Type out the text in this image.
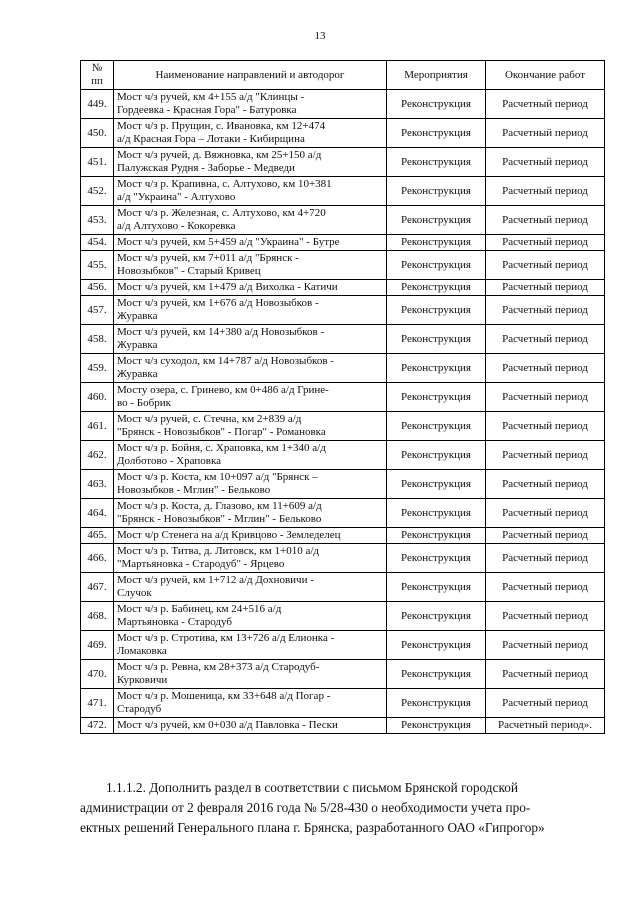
13
№
пп	Наименование направлений и автодорог	Мероприятия	Окончание работ
449.	Мост ч/з ручей, км 4+155 а/д "Клинцы -
Гордеевка - Красная Гора" - Батуровка	Реконструкция	Расчетный период
450.	Мост ч/з р. Прущин, с. Ивановка, км 12+474
а/д Красная Гора – Лотаки - Кибирщина	Реконструкция	Расчетный период
451.	Мост ч/з ручей, д. Вяжновка, км 25+150 а/д
Палужская Рудня - Заборье - Медведи	Реконструкция	Расчетный период
452.	Мост ч/з р. Крапивна, с. Алтухово, км 10+381
а/д "Украина" - Алтухово	Реконструкция	Расчетный период
453.	Мост ч/з р. Железная, с. Алтухово, км 4+720
а/д Алтухово - Кокоревка	Реконструкция	Расчетный период
454.	Мост ч/з ручей, км 5+459 а/д "Украина" - Бутре	Реконструкция	Расчетный период
455.	Мост ч/з ручей, км 7+011 а/д "Брянск -
Новозыбков" - Старый Кривец	Реконструкция	Расчетный период
456.	Мост ч/з ручей, км 1+479 а/д Вихолка - Катичи	Реконструкция	Расчетный период
457.	Мост ч/з ручей, км 1+676 а/д Новозыбков -
Журавка	Реконструкция	Расчетный период
458.	Мост ч/з ручей, км 14+380 а/д Новозыбков -
Журавка	Реконструкция	Расчетный период
459.	Мост ч/з суходол, км 14+787 а/д Новозыбков -
Журавка	Реконструкция	Расчетный период
460.	Мосту озера, с. Гринево, км 0+486 а/д Грине-
во - Бобрик	Реконструкция	Расчетный период
461.	Мост ч/з ручей, с. Стечна, км 2+839 а/д
"Брянск - Новозыбков" - Погар" - Романовка	Реконструкция	Расчетный период
462.	Мост ч/з р. Бойня, с. Храповка, км 1+340 а/д
Долботово - Храповка	Реконструкция	Расчетный период
463.	Мост ч/з р. Коста, км 10+097 а/д "Брянск –
Новозыбков - Мглин" - Бельково	Реконструкция	Расчетный период
464.	Мост ч/з р. Коста, д. Глазово, км 11+609 а/д
"Брянск - Новозыбков" - Мглин" - Бельково	Реконструкция	Расчетный период
465.	Мост ч/р Стенега на а/д Кривцово - Земледелец	Реконструкция	Расчетный период
466.	Мост ч/з р. Титва, д. Литовск, км 1+010 а/д
"Мартьяновка - Стародуб" - Ярцево	Реконструкция	Расчетный период
467.	Мост ч/з ручей, км 1+712 а/д Дохновичи -
Случок	Реконструкция	Расчетный период
468.	Мост ч/з р. Бабинец, км 24+516 а/д
Мартьяновка - Стародуб	Реконструкция	Расчетный период
469.	Мост ч/з р. Стротива, км 13+726 а/д Елионка -
Ломаковка	Реконструкция	Расчетный период
470.	Мост ч/з р. Ревна, км 28+373 а/д Стародуб-
Курковичи	Реконструкция	Расчетный период
471.	Мост ч/з р. Мошеница, км 33+648 а/д Погар -
Стародуб	Реконструкция	Расчетный период
472.	Мост ч/з ручей, км 0+030 а/д Павловка - Пески	Реконструкция	Расчетный период».
1.1.1.2. Дополнить раздел в соответствии с письмом Брянской городской
администрации от 2 февраля 2016 года № 5/28-430 о необходимости учета про-
ектных решений Генерального плана г. Брянска, разработанного ОАО «Гипрогор»
